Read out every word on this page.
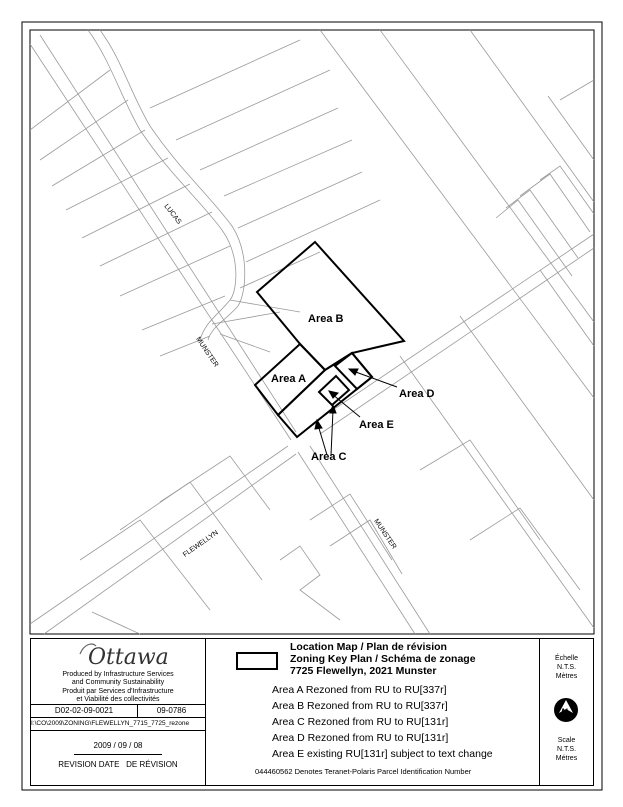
LUCAS
MUNSTER
MUNSTER
FLEWELLYN
Area B
Area A
Area D
Area E
Area C
Ottawa
Produced by Infrastructure Services
and Community Sustainability
Produit par Services d'Infrastructure
et Viabilité des collectivités
D02-02-09-0021	09-0786
I:\CO\2009\ZONING\FLEWELLYN_7715_7725_rezone
2009 / 09 / 08
REVISION DATE   DE RÉVISION
Location Map / Plan de révision
Zoning Key Plan / Schéma de zonage
7725 Flewellyn, 2021 Munster
Area A Rezoned from RU to RU[337r]
Area B Rezoned from RU to RU[337r]
Area C Rezoned from RU to RU[131r]
Area D Rezoned from RU to RU[131r]
Area E existing RU[131r] subject to text change
044460562 Denotes Teranet-Polaris Parcel Identification Number
Échelle
N.T.S.
Mètres
N
Scale
N.T.S.
Métres
